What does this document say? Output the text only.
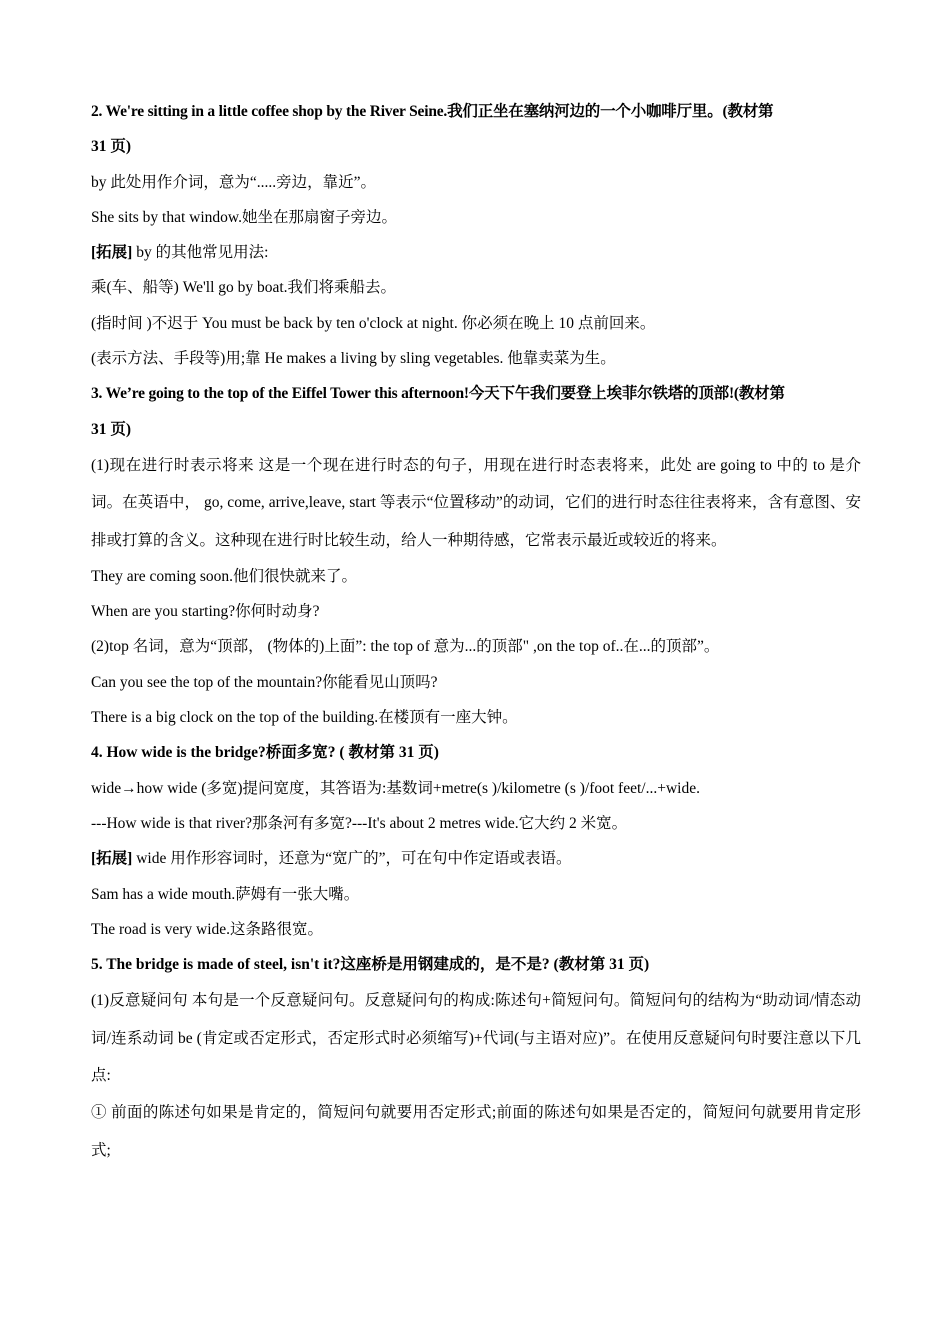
2. We're sitting in a little coffee shop by the River Seine.我们正坐在塞纳河边的一个小咖啡厅里。(教材第
31 页)
by 此处用作介词，意为“.....旁边，靠近”。
She sits by that window.她坐在那扇窗子旁边。
[拓展] by 的其他常见用法:
乘(车、船等) We'll go by boat.我们将乘船去。
(指时间 )不迟于 You must be back by ten o'clock at night. 你必须在晚上 10 点前回来。
(表示方法、手段等)用;靠 He makes a living by sling vegetables. 他靠卖菜为生。
3. We’re going to the top of the Eiffel Tower this afternoon!今天下午我们要登上埃菲尔铁塔的顶部!(教材第
31 页)
(1)现在进行时表示将来 这是一个现在进行时态的句子，用现在进行时态表将来，此处 are going to 中的 to 是介词。在英语中， go, come, arrive,leave, start 等表示“位置移动”的动词，它们的进行时态往往表将来，含有意图、安排或打算的含义。这种现在进行时比较生动，给人一种期待感，它常表示最近或较近的将来。
They are coming soon.他们很快就来了。
When are you starting?你何时动身?
(2)top 名词，意为“顶部， (物体的)上面”: the top of 意为...的顶部" ,on the top of..在...的顶部”。
Can you see the top of the mountain?你能看见山顶吗?
There is a big clock on the top of the building.在楼顶有一座大钟。
4. How wide is the bridge?桥面多宽? ( 教材第 31 页)
wide→how wide (多宽)提问宽度，其答语为:基数词+metre(s )/kilometre (s )/foot feet/...+wide.
---How wide is that river?那条河有多宽?---It's about 2 metres wide.它大约 2 米宽。
[拓展] wide 用作形容词时，还意为“宽广的”，可在句中作定语或表语。
Sam has a wide mouth.萨姆有一张大嘴。
The road is very wide.这条路很宽。
5. The bridge is made of steel, isn't it?这座桥是用钢建成的，是不是? (教材第 31 页)
(1)反意疑问句 本句是一个反意疑问句。反意疑问句的构成:陈述句+简短问句。简短问句的结构为“助动词/情态动词/连系动词 be (肯定或否定形式，否定形式时必须缩写)+代词(与主语对应)”。在使用反意疑问句时要注意以下几点:
① 前面的陈述句如果是肯定的，简短问句就要用否定形式;前面的陈述句如果是否定的，简短问句就要用肯定形式;
